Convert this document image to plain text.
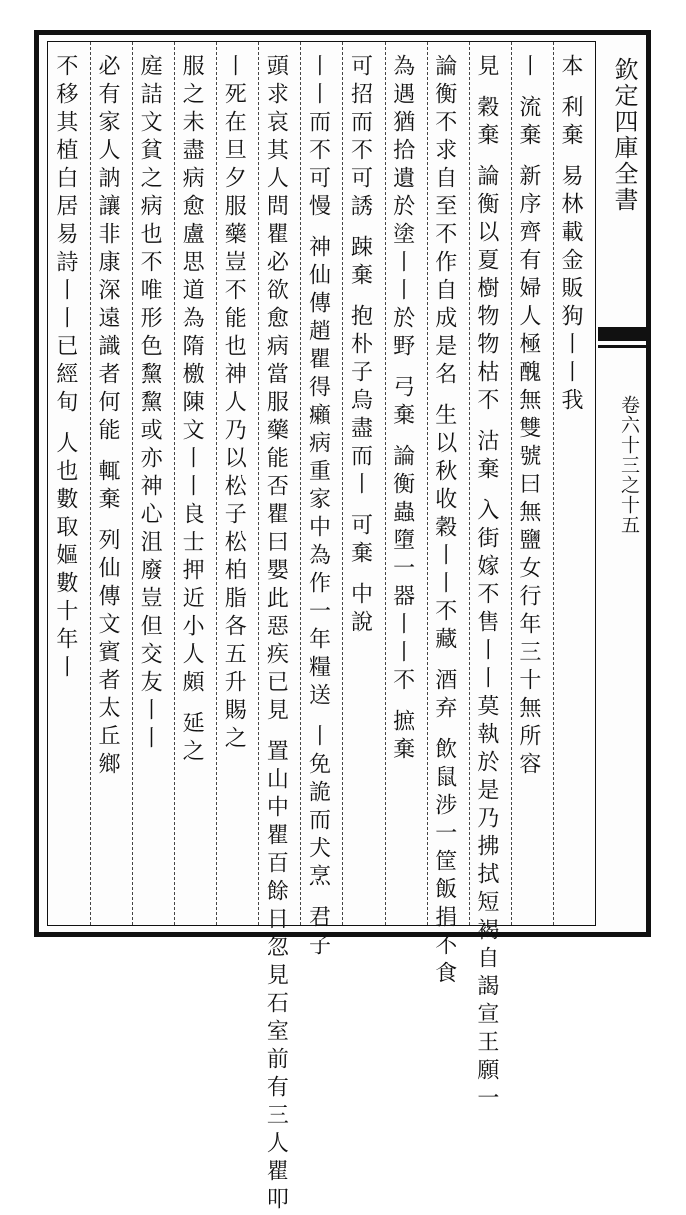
欽定四庫全書
卷六十三之十五
本 利棄 易林載金販狗丨丨我
丨 流棄 新序齊有婦人極醜無雙號曰無鹽女行年三十無所容
見 穀棄 論衡以夏樹物物枯不 沽棄 入街嫁不售丨丨莫執於是乃拂拭短褐自謁宣王願一
論衡不求自至不作自成是名 生以秋收穀丨丨不藏 酒弃 飲鼠涉一筐飯捐不食
為遇猶拾遺於塗丨丨於野 弓棄 論衡蟲墮一器丨丨不 摭棄
可招而不可誘 踈棄 抱朴子烏盡而丨 可棄 中說
丨丨而不可慢 神仙傳趙瞿得癩病重家中為作一年糧送 丨免詭而犬烹 君子
頭求哀其人問瞿必欲愈病當服藥能否瞿曰嬰此惡疾已見 置山中瞿百餘日忽見石室前有三人瞿叩
丨死在旦夕服藥豈不能也神人乃以松子松柏脂各五升賜之
服之未盡病愈盧思道為隋檄陳文丨丨良士押近小人頗 延之
庭詰文貧之病也不唯形色黧黧或亦神心沮廢豈但交友丨丨
必有家人訥讓非康深遠識者何能 輒棄 列仙傳文賓者太丘鄉
不移其植白居易詩丨丨已經旬 人也數取嫗數十年丨
